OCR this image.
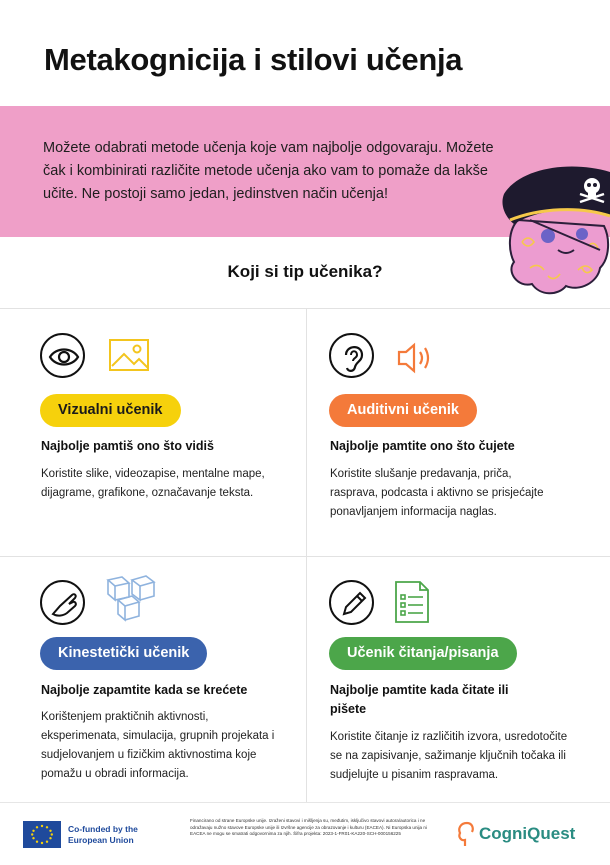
Metakognicija i stilovi učenja

Možete odabrati metode učenja koje vam najbolje odgovaraju. Možete čak i kombinirati različite metode učenja ako vam to pomaže da lakše učite. Ne postoji samo jedan, jedinstven način učenja!

Koji si tip učenika?
Vizualni učenik
Najbolje pamtiš ono što vidiš
Koristite slike, videozapise, mentalne mape, dijagrame, grafikone, označavanje teksta.
Auditivni učenik
Najbolje pamtite ono što čujete
Koristite slušanje predavanja, priča, rasprava, podcasta i aktivno se prisjećajte ponavljanjem informacija naglas.
Kinestetički učenik
Najbolje zapamtite kada se krećete
Korištenjem praktičnih aktivnosti, eksperimenata, simulacija, grupnih projekata i sudjelovanjem u fizičkim aktivnostima koje pomažu u obradi informacija.
Učenik čitanja/pisanja
Najbolje pamtite kada čitate ili pišete
Koristite čitanje iz različitih izvora, usredotočite se na zapisivanje, sažimanje ključnih točaka ili sudjelujte u pisanim raspravama.
Co-funded by the European Union
Financirano od strane Europske unije. Izraženi stavovi i mišljenja su, međutim, isključivo stavovi autora/autorica i ne odražavaju nužno stavove Europske unije ili Izvršne agencije za obrazovanje i kulturu (EACEA). Ni Europska unija ni EACEA ne mogu se smatrati odgovornima za njih. Šifra projekta: 2023-1-FR01-KA220-SCH-000156225	CogniQuest
